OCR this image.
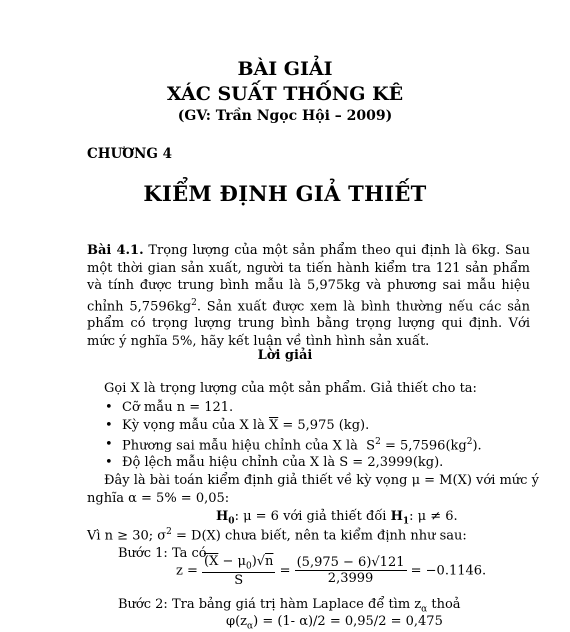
BÀI GIẢI
XÁC SUẤT THỐNG KÊ
(GV: Trần Ngọc Hội – 2009)
CHƯƠNG 4
KIỂM ĐỊNH GIẢ THIẾT
Bài 4.1. Trọng lượng của một sản phẩm theo qui định là 6kg. Sau một thời gian sản xuất, người ta tiến hành kiểm tra 121 sản phẩm và tính được trung bình mẫu là 5,975kg và phương sai mẫu hiệu chỉnh $5,7596kg^2$. Sản xuất được xem là bình thường nếu các sản phẩm có trọng lượng trung bình bằng trọng lượng qui định. Với mức ý nghĩa 5%, hãy kết luận về tình hình sản xuất.
Lời giải
Gọi X là trọng lượng của một sản phẩm. Giả thiết cho ta:
• Cỡ mẫu n = 121.
• Kỳ vọng mẫu của X là $\overline{X} = 5,975$ (kg).
• Phương sai mẫu hiệu chỉnh của X là $S^2 = 5,7596(kg^2)$.
• Độ lệch mẫu hiệu chỉnh của X là S = 2,3999(kg).
Đây là bài toán kiểm định giả thiết về kỳ vọng μ = M(X) với mức ý
nghĩa α = 5% = 0,05:
$H_0$: μ = 6 với giả thiết đối $H_1$: μ ≠ 6.
Vì n ≥ 30; $\sigma^2 = D(X)$ chưa biết, nên ta kiểm định như sau:
Bước 1: Ta có
$z = \frac{(X - \mu_0)√n}{S} = \frac{(5,975 - 6)√121}{2,3999} = -0.1146$.
Bước 2: Tra bảng giá trị hàm Laplace để tìm $z_\alpha$ thoả
$\varphi(z_\alpha) = (1-$ α)/2 = 0,95/2 = 0,475
